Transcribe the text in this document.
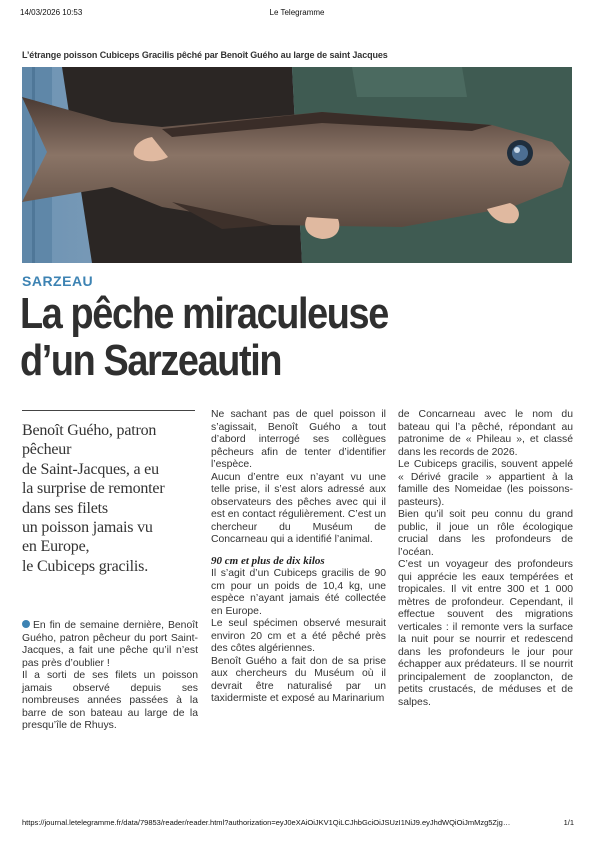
14/03/2026 10:53	Le Telegramme
L’étrange poisson Cubiceps Gracilis pêché par Benoît Guého au large de saint Jacques
SARZEAU
La pêche miraculeuse
d’un Sarzeautin
Benoît Guého, patron
pêcheur
de Saint-Jacques, a eu
la surprise de remonter
dans ses filets
un poisson jamais vu
en Europe,
le Cubiceps gracilis.

En fin de semaine dernière, Benoît Guého, patron pêcheur du port Saint-Jacques, a fait une pêche qu’il n’est pas près d’oublier !

Il a sorti de ses filets un poisson jamais observé depuis ses nombreuses années passées à la barre de son bateau au large de la presqu’île de Rhuys.

Ne sachant pas de quel poisson il s’agissait, Benoît Guého a tout d’abord interrogé ses collègues pêcheurs afin de tenter d’identifier l’espèce.

Aucun d’entre eux n’ayant vu une telle prise, il s’est alors adressé aux observateurs des pêches avec qui il est en contact régulièrement. C’est un chercheur du Muséum de Concarneau qui a identifié l’animal.

90 cm et plus de dix kilos

Il s’agit d’un Cubiceps gracilis de 90 cm pour un poids de 10,4 kg, une espèce n’ayant jamais été collectée en Europe.

Le seul spécimen observé mesurait environ 20 cm et a été pêché près des côtes algériennes.

Benoît Guého a fait don de sa prise aux chercheurs du Muséum où il devrait être naturalisé par un taxidermiste et exposé au Marinarium

de Concarneau avec le nom du bateau qui l’a pêché, répondant au patronime de « Phileau », et classé dans les records de 2026.

Le Cubiceps gracilis, souvent appelé « Dérivé gracile » appartient à la famille des Nomeidae (les poissons-pasteurs).

Bien qu’il soit peu connu du grand public, il joue un rôle écologique crucial dans les profondeurs de l’océan.

C’est un voyageur des profondeurs qui apprécie les eaux tempérées et tropicales. Il vit entre 300 et 1 000 mètres de profondeur. Cependant, il effectue souvent des migrations verticales : il remonte vers la surface la nuit pour se nourrir et redescend dans les profondeurs le jour pour échapper aux prédateurs. Il se nourrit principalement de zooplancton, de petits crustacés, de méduses et de salpes.

https://journal.letelegramme.fr/data/79853/reader/reader.html?authorization=eyJ0eXAiOiJKV1QiLCJhbGciOiJSUzI1NiJ9.eyJhdWQiOiJmMzg5Zjg…	1/1
